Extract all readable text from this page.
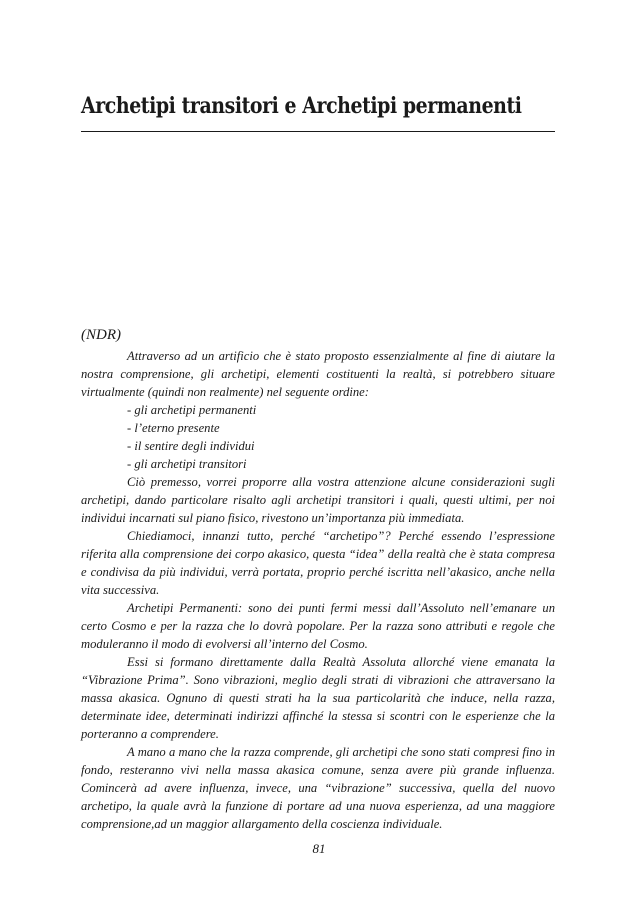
Archetipi transitori e Archetipi permanenti

(NDR)

Attraverso ad un artificio che è stato proposto essenzialmente al fine di aiutare la nostra comprensione, gli archetipi, elementi costituenti la realtà, si potrebbero situare virtualmente (quindi non realmente) nel seguente ordine:

- gli archetipi permanenti
- l’eterno presente
- il sentire degli individui
- gli archetipi transitori

Ciò premesso, vorrei proporre alla vostra attenzione alcune considerazioni sugli archetipi, dando particolare risalto agli archetipi transitori i quali, questi ultimi, per noi individui incarnati sul piano fisico, rivestono un’importanza più immediata.

Chiediamoci, innanzi tutto, perché “archetipo”? Perché essendo l’espressione riferita alla comprensione dei corpo akasico, questa “idea” della realtà che è stata compresa e condivisa da più individui, verrà portata, proprio perché iscritta nell’akasico, anche nella vita successiva.

Archetipi Permanenti: sono dei punti fermi messi dall’Assoluto nell’emanare un certo Cosmo e per la razza che lo dovrà popolare. Per la razza sono attributi e regole che moduleranno il modo di evolversi all’interno del Cosmo.

Essi si formano direttamente dalla Realtà Assoluta allorché viene emanata la “Vibrazione Prima”. Sono vibrazioni, meglio degli strati di vibrazioni che attraversano la massa akasica. Ognuno di questi strati ha la sua particolarità che induce, nella razza, determinate idee, determinati indirizzi affinché la stessa si scontri con le esperienze che la porteranno a comprendere.

A mano a mano che la razza comprende, gli archetipi che sono stati compresi fino in fondo, resteranno vivi nella massa akasica comune, senza avere più grande influenza. Comincerà ad avere influenza, invece, una “vibrazione” successiva, quella del nuovo archetipo, la quale avrà la funzione di portare ad una nuova esperienza, ad una maggiore comprensione,ad un maggior allargamento della coscienza individuale.

81
